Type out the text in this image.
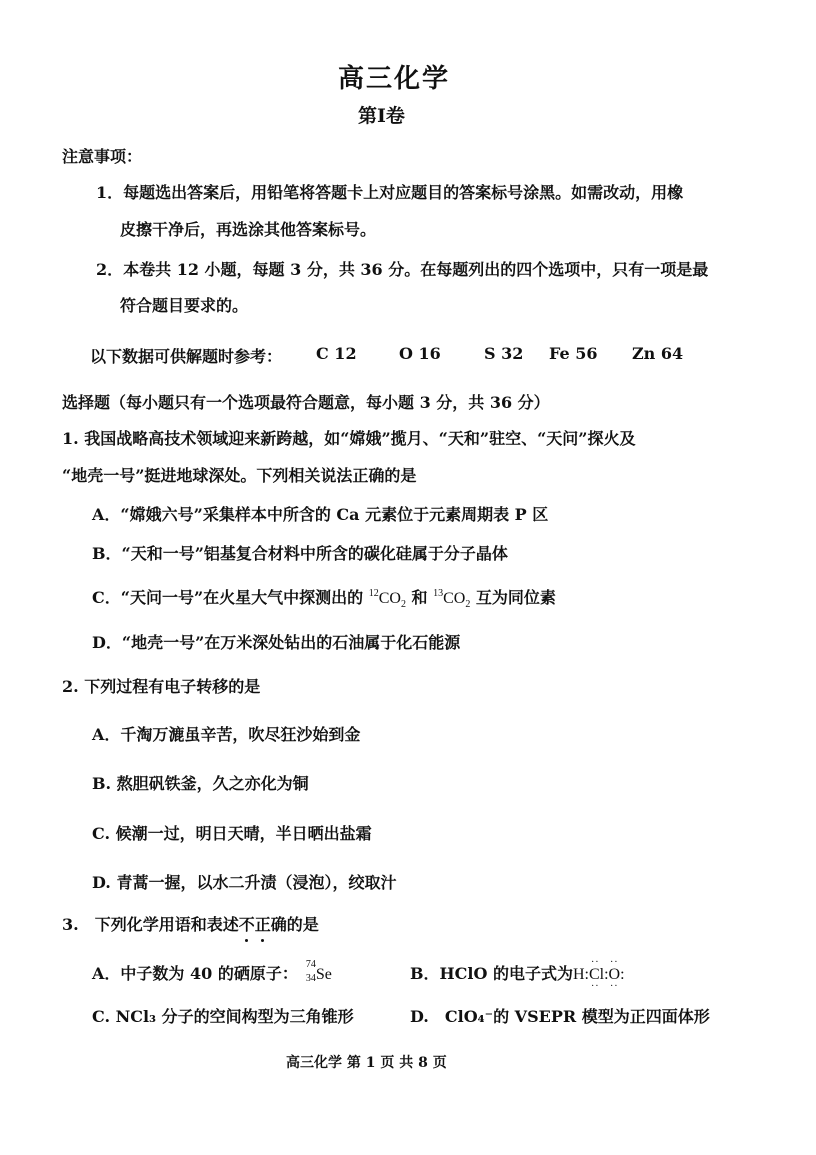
高三化学
第Ⅰ卷
注意事项：
1．每题选出答案后，用铅笔将答题卡上对应题目的答案标号涂黑。如需改动，用橡
皮擦干净后，再选涂其他答案标号。
2．本卷共 12 小题，每题 3 分，共 36 分。在每题列出的四个选项中，只有一项是最
符合题目要求的。
以下数据可供解题时参考： C 12	O 16	S 32 Fe 56 Zn 64
选择题（每小题只有一个选项最符合题意，每小题 3 分，共 36 分）
1. 我国战略高技术领域迎来新跨越，如“嫦娥”揽月、“天和”驻空、“天问”探火及
“地壳一号”挺进地球深处。下列相关说法正确的是
A．“嫦娥六号”采集样本中所含的 Ca 元素位于元素周期表 P 区
B．“天和一号”铝基复合材料中所含的碳化硅属于分子晶体
C．“天问一号”在火星大气中探测出的 $^{12}CO_2$ 和 $^{13}CO_2$ 互为同位素
D．“地壳一号”在万米深处钻出的石油属于化石能源
2. 下列过程有电子转移的是
A．千淘万漉虽辛苦，吹尽狂沙始到金
B. 熬胆矾铁釜，久之亦化为铜
C. 候潮一过，明日天晴，半日晒出盐霜
D. 青蒿一握，以水二升渍（浸泡），绞取汁
3.　下列化学用语和表述不
正
确的是
A．中子数为 40 的硒原子： 74
34 Se	B．HClO 的电子式为H:Cl:O:
··
··
··
··
C. NCl₃ 分子的空间构型为三角锥形	D.　ClO₄⁻的 VSEPR 模型为正四面体形
高三化学 第 1 页 共 8 页
